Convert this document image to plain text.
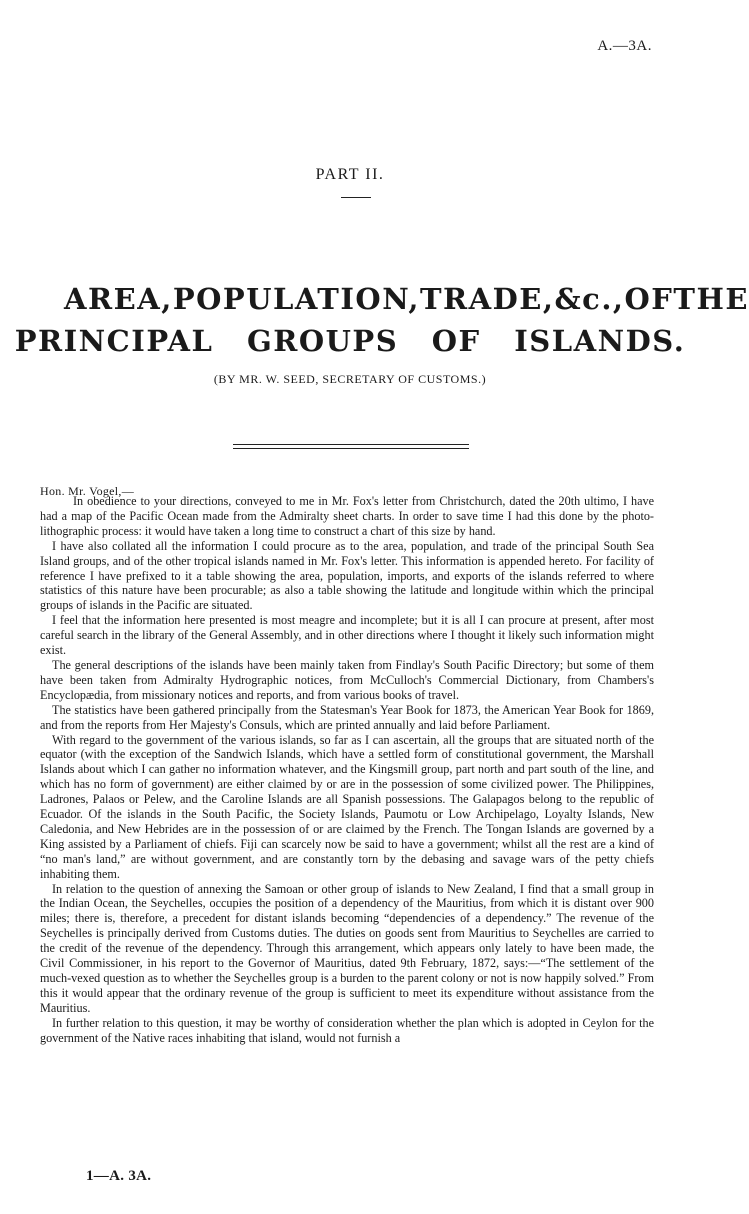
A.—3A.
PART II.
AREA, POPULATION, TRADE, &c., OF THE
PRINCIPAL GROUPS OF ISLANDS.
(BY MR. W. SEED, SECRETARY OF CUSTOMS.)
Hon. Mr. Vogel,—

In obedience to your directions, conveyed to me in Mr. Fox's letter from Christchurch, dated the 20th ultimo, I have had a map of the Pacific Ocean made from the Admiralty sheet charts. In order to save time I had this done by the photo-lithographic process: it would have taken a long time to construct a chart of this size by hand.

I have also collated all the information I could procure as to the area, population, and trade of the principal South Sea Island groups, and of the other tropical islands named in Mr. Fox's letter. This information is appended hereto. For facility of reference I have prefixed to it a table showing the area, population, imports, and exports of the islands referred to where statistics of this nature have been procurable; as also a table showing the latitude and longitude within which the principal groups of islands in the Pacific are situated.

I feel that the information here presented is most meagre and incomplete; but it is all I can procure at present, after most careful search in the library of the General Assembly, and in other directions where I thought it likely such information might exist.

The general descriptions of the islands have been mainly taken from Findlay's South Pacific Directory; but some of them have been taken from Admiralty Hydrographic notices, from McCulloch's Commercial Dictionary, from Chambers's Encyclopædia, from missionary notices and reports, and from various books of travel.

The statistics have been gathered principally from the Statesman's Year Book for 1873, the American Year Book for 1869, and from the reports from Her Majesty's Consuls, which are printed annually and laid before Parliament.

With regard to the government of the various islands, so far as I can ascertain, all the groups that are situated north of the equator (with the exception of the Sandwich Islands, which have a settled form of constitutional government, the Marshall Islands about which I can gather no information whatever, and the Kingsmill group, part north and part south of the line, and which has no form of government) are either claimed by or are in the possession of some civilized power. The Philippines, Ladrones, Palaos or Pelew, and the Caroline Islands are all Spanish possessions. The Galapagos belong to the republic of Ecuador. Of the islands in the South Pacific, the Society Islands, Paumotu or Low Archipelago, Loyalty Islands, New Caledonia, and New Hebrides are in the possession of or are claimed by the French. The Tongan Islands are governed by a King assisted by a Parliament of chiefs. Fiji can scarcely now be said to have a government; whilst all the rest are a kind of “no man's land,” are without government, and are constantly torn by the debasing and savage wars of the petty chiefs inhabiting them.

In relation to the question of annexing the Samoan or other group of islands to New Zealand, I find that a small group in the Indian Ocean, the Seychelles, occupies the position of a dependency of the Mauritius, from which it is distant over 900 miles; there is, therefore, a precedent for distant islands becoming “dependencies of a dependency.” The revenue of the Seychelles is principally derived from Customs duties. The duties on goods sent from Mauritius to Seychelles are carried to the credit of the revenue of the dependency. Through this arrangement, which appears only lately to have been made, the Civil Commissioner, in his report to the Governor of Mauritius, dated 9th February, 1872, says:—“The settlement of the much-vexed question as to whether the Seychelles group is a burden to the parent colony or not is now happily solved.” From this it would appear that the ordinary revenue of the group is sufficient to meet its expenditure without assistance from the Mauritius.

In further relation to this question, it may be worthy of consideration whether the plan which is adopted in Ceylon for the government of the Native races inhabiting that island, would not furnish a

1—A. 3A.
